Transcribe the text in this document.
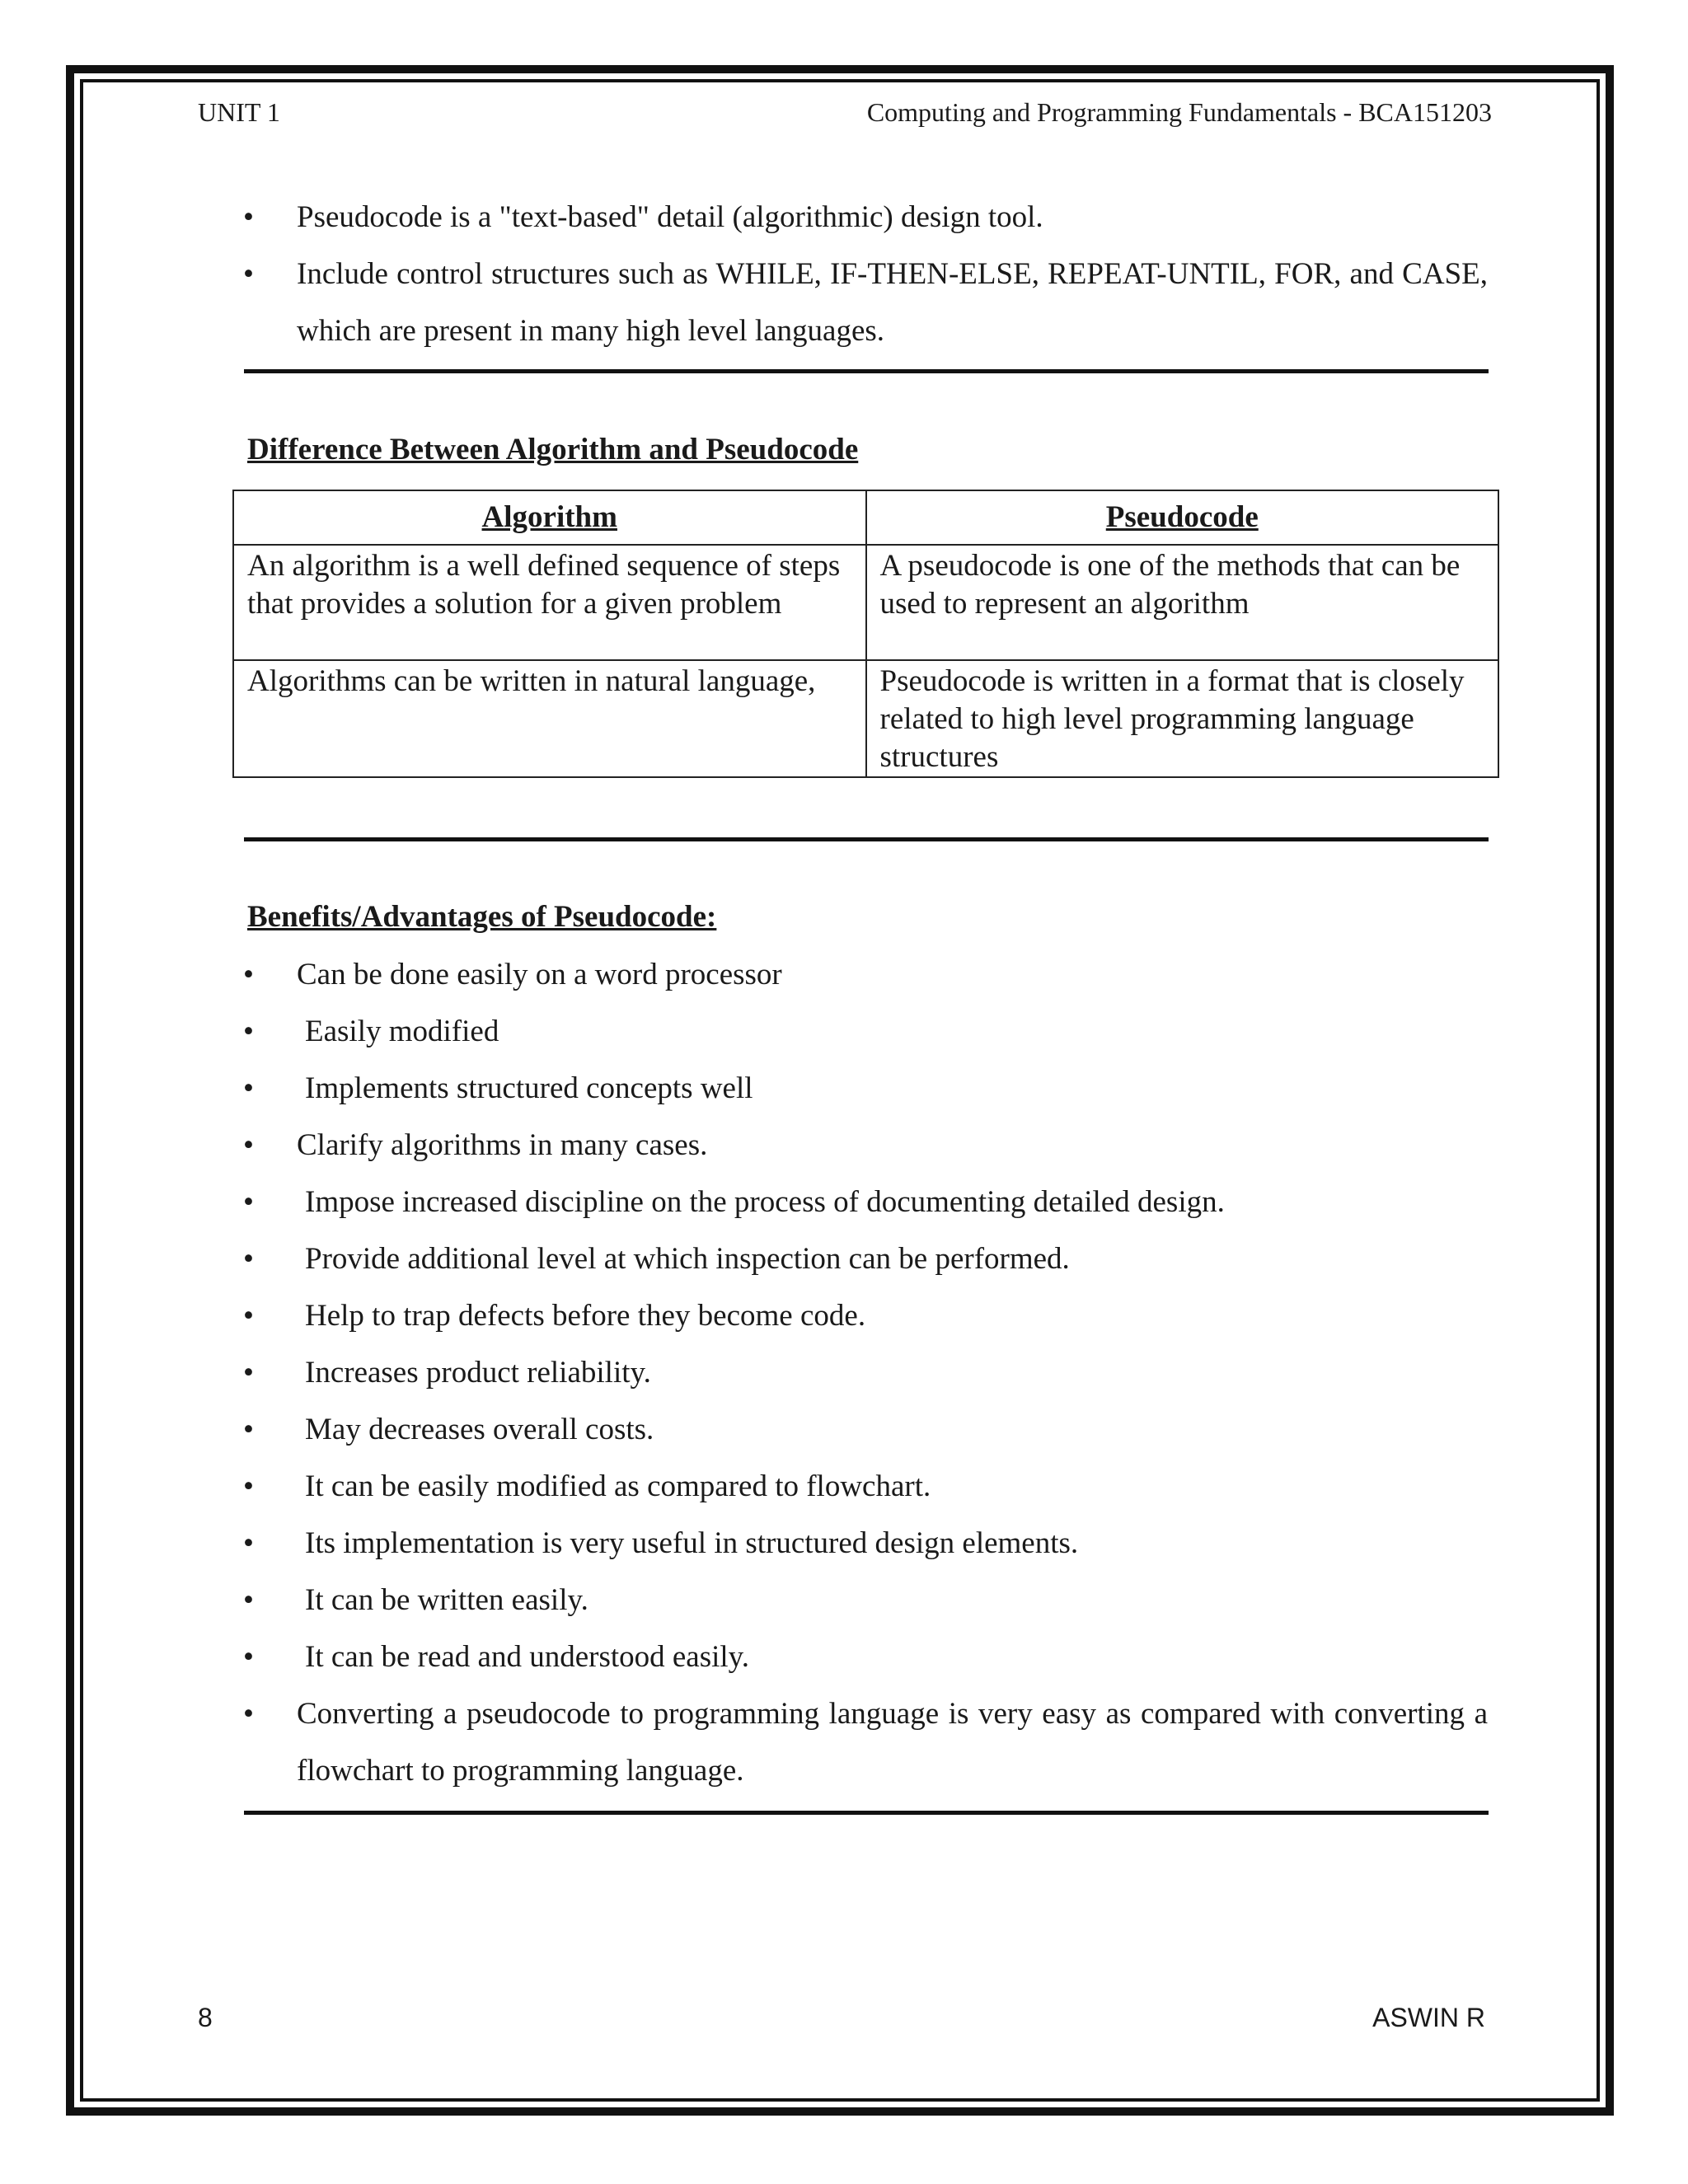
UNIT 1	Computing and Programming Fundamentals - BCA151203
•	Pseudocode is a "text-based" detail (algorithmic) design tool.
•	Include control structures such as WHILE, IF-THEN-ELSE, REPEAT-UNTIL, FOR, and CASE, which are present in many high level languages.
Difference Between Algorithm and Pseudocode
Algorithm	Pseudocode
An algorithm is a well defined sequence of steps that provides a solution for a given problem	A pseudocode is one of the methods that can be used to represent an algorithm
Algorithms can be written in natural language,	Pseudocode is written in a format that is closely related to high level programming language structures
Benefits/Advantages of Pseudocode:
•	Can be done easily on a word processor
•	Easily modified
•	Implements structured concepts well
•	Clarify algorithms in many cases.
•	Impose increased discipline on the process of documenting detailed design.
•	Provide additional level at which inspection can be performed.
•	Help to trap defects before they become code.
•	Increases product reliability.
•	May decreases overall costs.
•	It can be easily modified as compared to flowchart.
•	Its implementation is very useful in structured design elements.
•	It can be written easily.
•	It can be read and understood easily.
•	Converting a pseudocode to programming language is very easy as compared with converting a flowchart to programming language.
8	ASWIN R
